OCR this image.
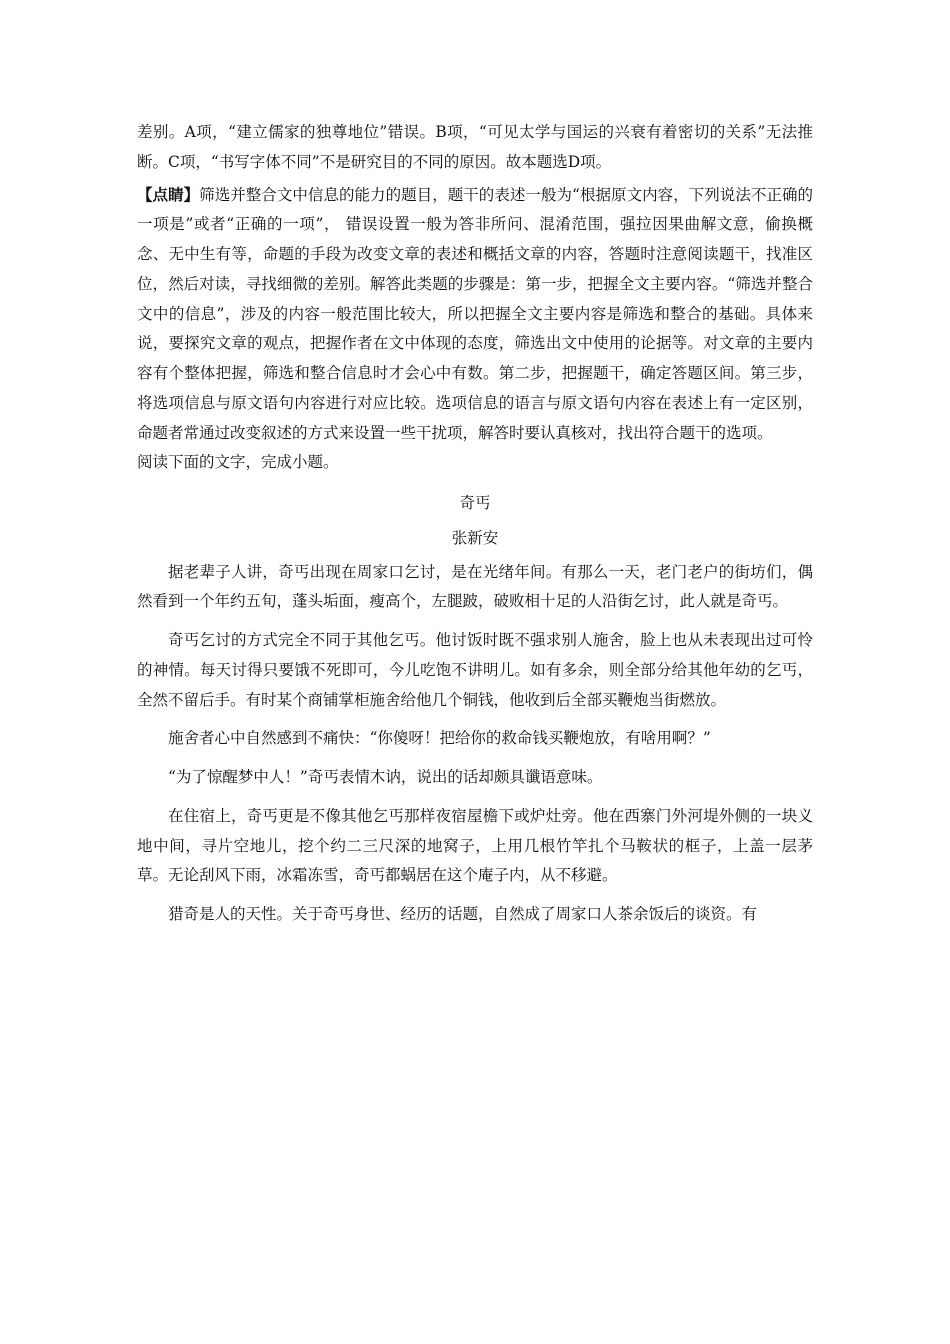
差别。A项，“建立儒家的独尊地位”错误。B项，“可见太学与国运的兴衰有着密切的关系”无法推断。C项，“书写字体不同”不是研究目的不同的原因。故本题选D项。

【点睛】筛选并整合文中信息的能力的题目，题干的表述一般为“根据原文内容，下列说法不正确的一项是”或者“正确的一项”， 错误设置一般为答非所问、混淆范围，强拉因果曲解文意，偷换概念、无中生有等，命题的手段为改变文章的表述和概括文章的内容，答题时注意阅读题干，找准区位，然后对读，寻找细微的差别。解答此类题的步骤是：第一步，把握全文主要内容。“筛选并整合文中的信息”，涉及的内容一般范围比较大，所以把握全文主要内容是筛选和整合的基础。具体来说，要探究文章的观点，把握作者在文中体现的态度，筛选出文中使用的论据等。对文章的主要内容有个整体把握，筛选和整合信息时才会心中有数。第二步，把握题干，确定答题区间。第三步，将选项信息与原文语句内容进行对应比较。选项信息的语言与原文语句内容在表述上有一定区别，命题者常通过改变叙述的方式来设置一些干扰项，解答时要认真核对，找出符合题干的选项。

阅读下面的文字，完成小题。

奇丐

张新安

据老辈子人讲，奇丐出现在周家口乞讨，是在光绪年间。有那么一天，老门老户的街坊们，偶然看到一个年约五旬，蓬头垢面，瘦高个，左腿跛，破败相十足的人沿街乞讨，此人就是奇丐。

奇丐乞讨的方式完全不同于其他乞丐。他讨饭时既不强求别人施舍，脸上也从未表现出过可怜的神情。每天讨得只要饿不死即可，今儿吃饱不讲明儿。如有多余，则全部分给其他年幼的乞丐，全然不留后手。有时某个商铺掌柜施舍给他几个铜钱，他收到后全部买鞭炮当街燃放。

施舍者心中自然感到不痛快：“你傻呀！把给你的救命钱买鞭炮放，有啥用啊？”

“为了惊醒梦中人！”奇丐表情木讷，说出的话却颇具谶语意味。

在住宿上，奇丐更是不像其他乞丐那样夜宿屋檐下或炉灶旁。他在西寨门外河堤外侧的一块义地中间，寻片空地儿，挖个约二三尺深的地窝子，上用几根竹竿扎个马鞍状的框子，上盖一层茅草。无论刮风下雨，冰霜冻雪，奇丐都蜗居在这个庵子内，从不移避。

猎奇是人的天性。关于奇丐身世、经历的话题，自然成了周家口人茶余饭后的谈资。有
